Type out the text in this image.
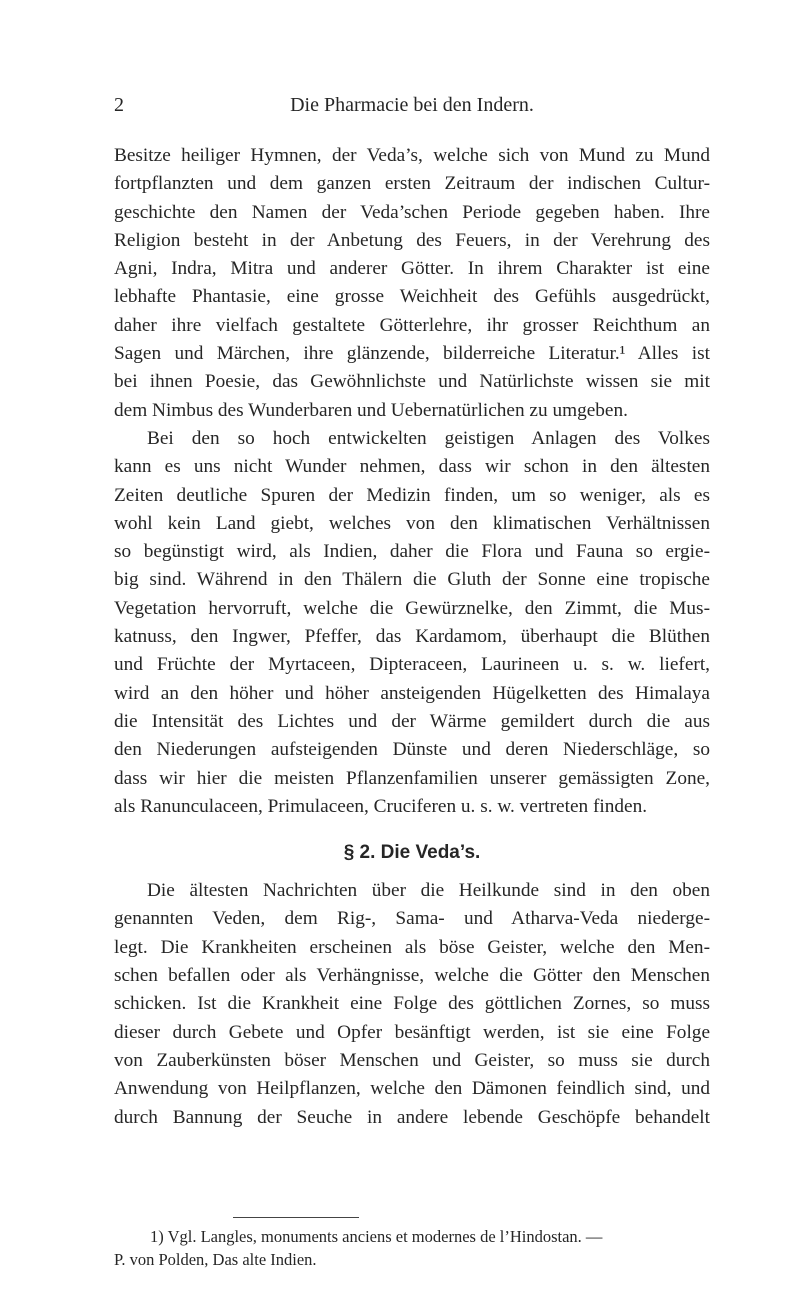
2	Die Pharmacie bei den Indern.
Besitze heiliger Hymnen, der Veda’s, welche sich von Mund zu Mund
fortpflanzten und dem ganzen ersten Zeitraum der indischen Cultur-
geschichte den Namen der Veda’schen Periode gegeben haben. Ihre
Religion besteht in der Anbetung des Feuers, in der Verehrung des
Agni, Indra, Mitra und anderer Götter. In ihrem Charakter ist eine
lebhafte Phantasie, eine grosse Weichheit des Gefühls ausgedrückt,
daher ihre vielfach gestaltete Götterlehre, ihr grosser Reichthum an
Sagen und Märchen, ihre glänzende, bilderreiche Literatur.¹ Alles ist
bei ihnen Poesie, das Gewöhnlichste und Natürlichste wissen sie mit
dem Nimbus des Wunderbaren und Uebernatürlichen zu umgeben.
Bei den so hoch entwickelten geistigen Anlagen des Volkes
kann es uns nicht Wunder nehmen, dass wir schon in den ältesten
Zeiten deutliche Spuren der Medizin finden, um so weniger, als es
wohl kein Land giebt, welches von den klimatischen Verhältnissen
so begünstigt wird, als Indien, daher die Flora und Fauna so ergie-
big sind. Während in den Thälern die Gluth der Sonne eine tropische
Vegetation hervorruft, welche die Gewürznelke, den Zimmt, die Mus-
katnuss, den Ingwer, Pfeffer, das Kardamom, überhaupt die Blüthen
und Früchte der Myrtaceen, Dipteraceen, Laurineen u. s. w. liefert,
wird an den höher und höher ansteigenden Hügelketten des Himalaya
die Intensität des Lichtes und der Wärme gemildert durch die aus
den Niederungen aufsteigenden Dünste und deren Niederschläge, so
dass wir hier die meisten Pflanzenfamilien unserer gemässigten Zone,
als Ranunculaceen, Primulaceen, Cruciferen u. s. w. vertreten finden.
§ 2. Die Veda’s.
Die ältesten Nachrichten über die Heilkunde sind in den oben
genannten Veden, dem Rig-, Sama- und Atharva-Veda niederge-
legt. Die Krankheiten erscheinen als böse Geister, welche den Men-
schen befallen oder als Verhängnisse, welche die Götter den Menschen
schicken. Ist die Krankheit eine Folge des göttlichen Zornes, so muss
dieser durch Gebete und Opfer besänftigt werden, ist sie eine Folge
von Zauberkünsten böser Menschen und Geister, so muss sie durch
Anwendung von Heilpflanzen, welche den Dämonen feindlich sind, und
durch Bannung der Seuche in andere lebende Geschöpfe behandelt
1) Vgl. Langles, monuments anciens et modernes de l’Hindostan. —
P. von Polden, Das alte Indien.
